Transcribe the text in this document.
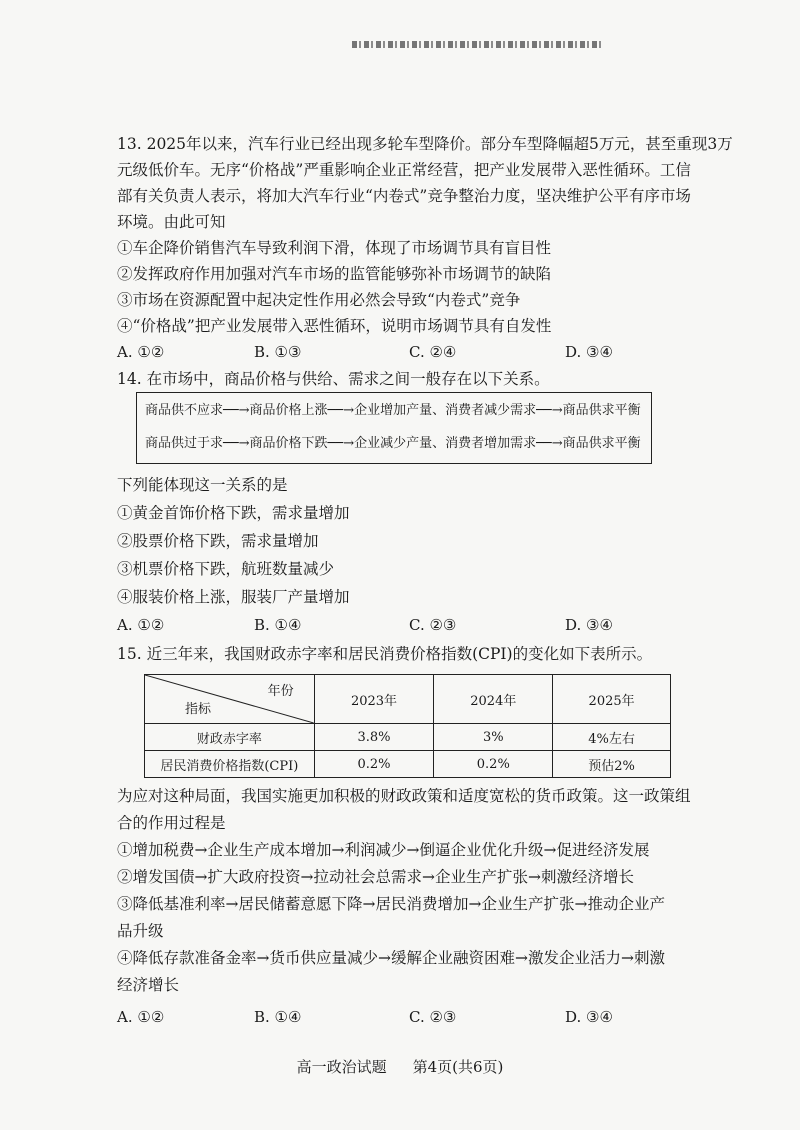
13. 2025年以来，汽车行业已经出现多轮车型降价。部分车型降幅超5万元，甚至重现3万
元级低价车。无序“价格战”严重影响企业正常经营，把产业发展带入恶性循环。工信
部有关负责人表示，将加大汽车行业“内卷式”竞争整治力度，坚决维护公平有序市场
环境。由此可知
①车企降价销售汽车导致利润下滑，体现了市场调节具有盲目性
②发挥政府作用加强对汽车市场的监管能够弥补市场调节的缺陷
③市场在资源配置中起决定性作用必然会导致“内卷式”竞争
④“价格战”把产业发展带入恶性循环，说明市场调节具有自发性
A. ①②	B. ①③	C. ②④	D. ③④
14. 在市场中，商品价格与供给、需求之间一般存在以下关系。
商品供不应求──→商品价格上涨──→企业增加产量、消费者减少需求──→商品供求平衡
商品供过于求──→商品价格下跌──→企业减少产量、消费者增加需求──→商品供求平衡
下列能体现这一关系的是
①黄金首饰价格下跌，需求量增加
②股票价格下跌，需求量增加
③机票价格下跌，航班数量减少
④服装价格上涨，服装厂产量增加
A. ①②	B. ①④	C. ②③	D. ③④
15. 近三年来，我国财政赤字率和居民消费价格指数(CPI)的变化如下表所示。
年份
指标	2023年	2024年	2025年
财政赤字率	3.8%	3%	4%左右
居民消费价格指数(CPI)	0.2%	0.2%	预估2%
为应对这种局面，我国实施更加积极的财政政策和适度宽松的货币政策。这一政策组
合的作用过程是
①增加税费→企业生产成本增加→利润减少→倒逼企业优化升级→促进经济发展
②增发国债→扩大政府投资→拉动社会总需求→企业生产扩张→刺激经济增长
③降低基准利率→居民储蓄意愿下降→居民消费增加→企业生产扩张→推动企业产
品升级
④降低存款准备金率→货币供应量减少→缓解企业融资困难→激发企业活力→刺激
经济增长
A. ①②	B. ①④	C. ②③	D. ③④
高一政治试题 第4页(共6页)
